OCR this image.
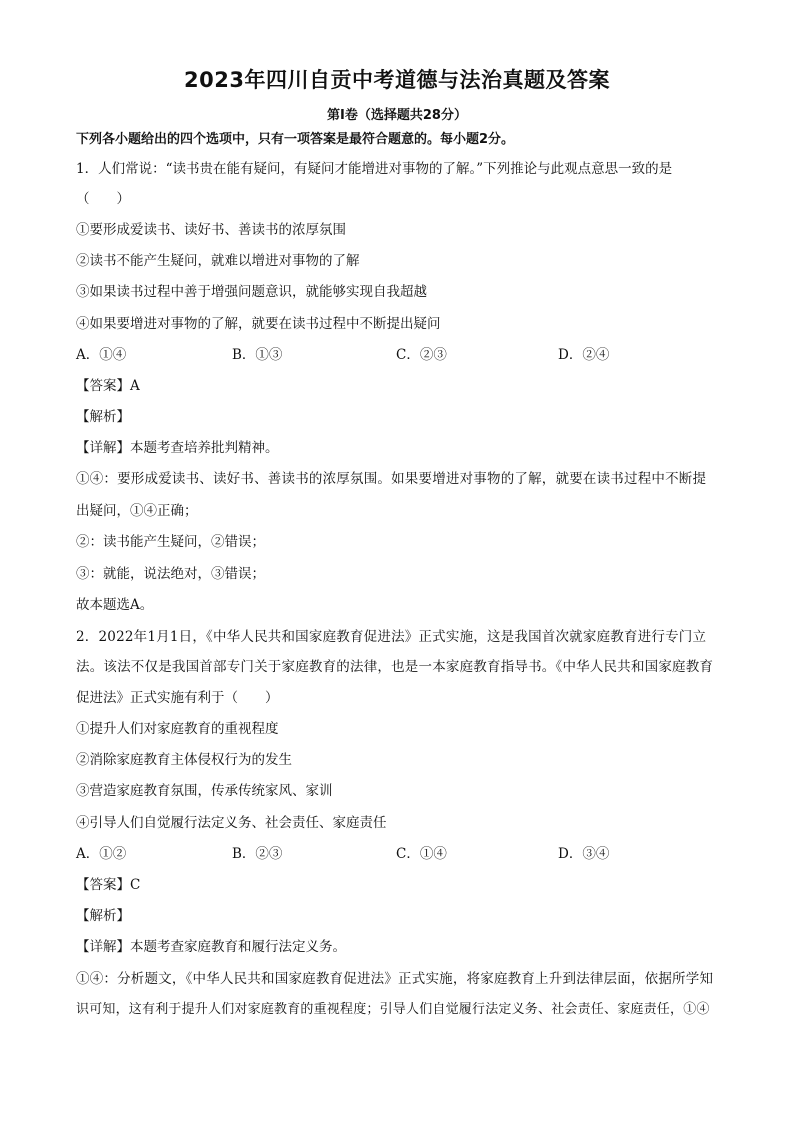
2023年四川自贡中考道德与法治真题及答案
第Ⅰ卷（选择题共28分）
下列各小题给出的四个选项中，只有一项答案是最符合题意的。每小题2分。
1．人们常说：“读书贵在能有疑问，有疑问才能增进对事物的了解。”下列推论与此观点意思一致的是
（　　）
①要形成爱读书、读好书、善读书的浓厚氛围
②读书不能产生疑问，就难以增进对事物的了解
③如果读书过程中善于增强问题意识，就能够实现自我超越
④如果要增进对事物的了解，就要在读书过程中不断提出疑问
A．①④	B．①③	C．②③	D．②④
【答案】A
【解析】
【详解】本题考查培养批判精神。
①④：要形成爱读书、读好书、善读书的浓厚氛围。如果要增进对事物的了解，就要在读书过程中不断提
出疑问，①④正确；
②：读书能产生疑问，②错误；
③：就能，说法绝对，③错误；
故本题选A。
2．2022年1月1日，《中华人民共和国家庭教育促进法》正式实施，这是我国首次就家庭教育进行专门立
法。该法不仅是我国首部专门关于家庭教育的法律，也是一本家庭教育指导书。《中华人民共和国家庭教育
促进法》正式实施有利于（　　）
①提升人们对家庭教育的重视程度
②消除家庭教育主体侵权行为的发生
③营造家庭教育氛围，传承传统家风、家训
④引导人们自觉履行法定义务、社会责任、家庭责任
A．①②	B．②③	C．①④	D．③④
【答案】C
【解析】
【详解】本题考查家庭教育和履行法定义务。
①④：分析题文，《中华人民共和国家庭教育促进法》正式实施，将家庭教育上升到法律层面，依据所学知
识可知，这有利于提升人们对家庭教育的重视程度；引导人们自觉履行法定义务、社会责任、家庭责任，①④
